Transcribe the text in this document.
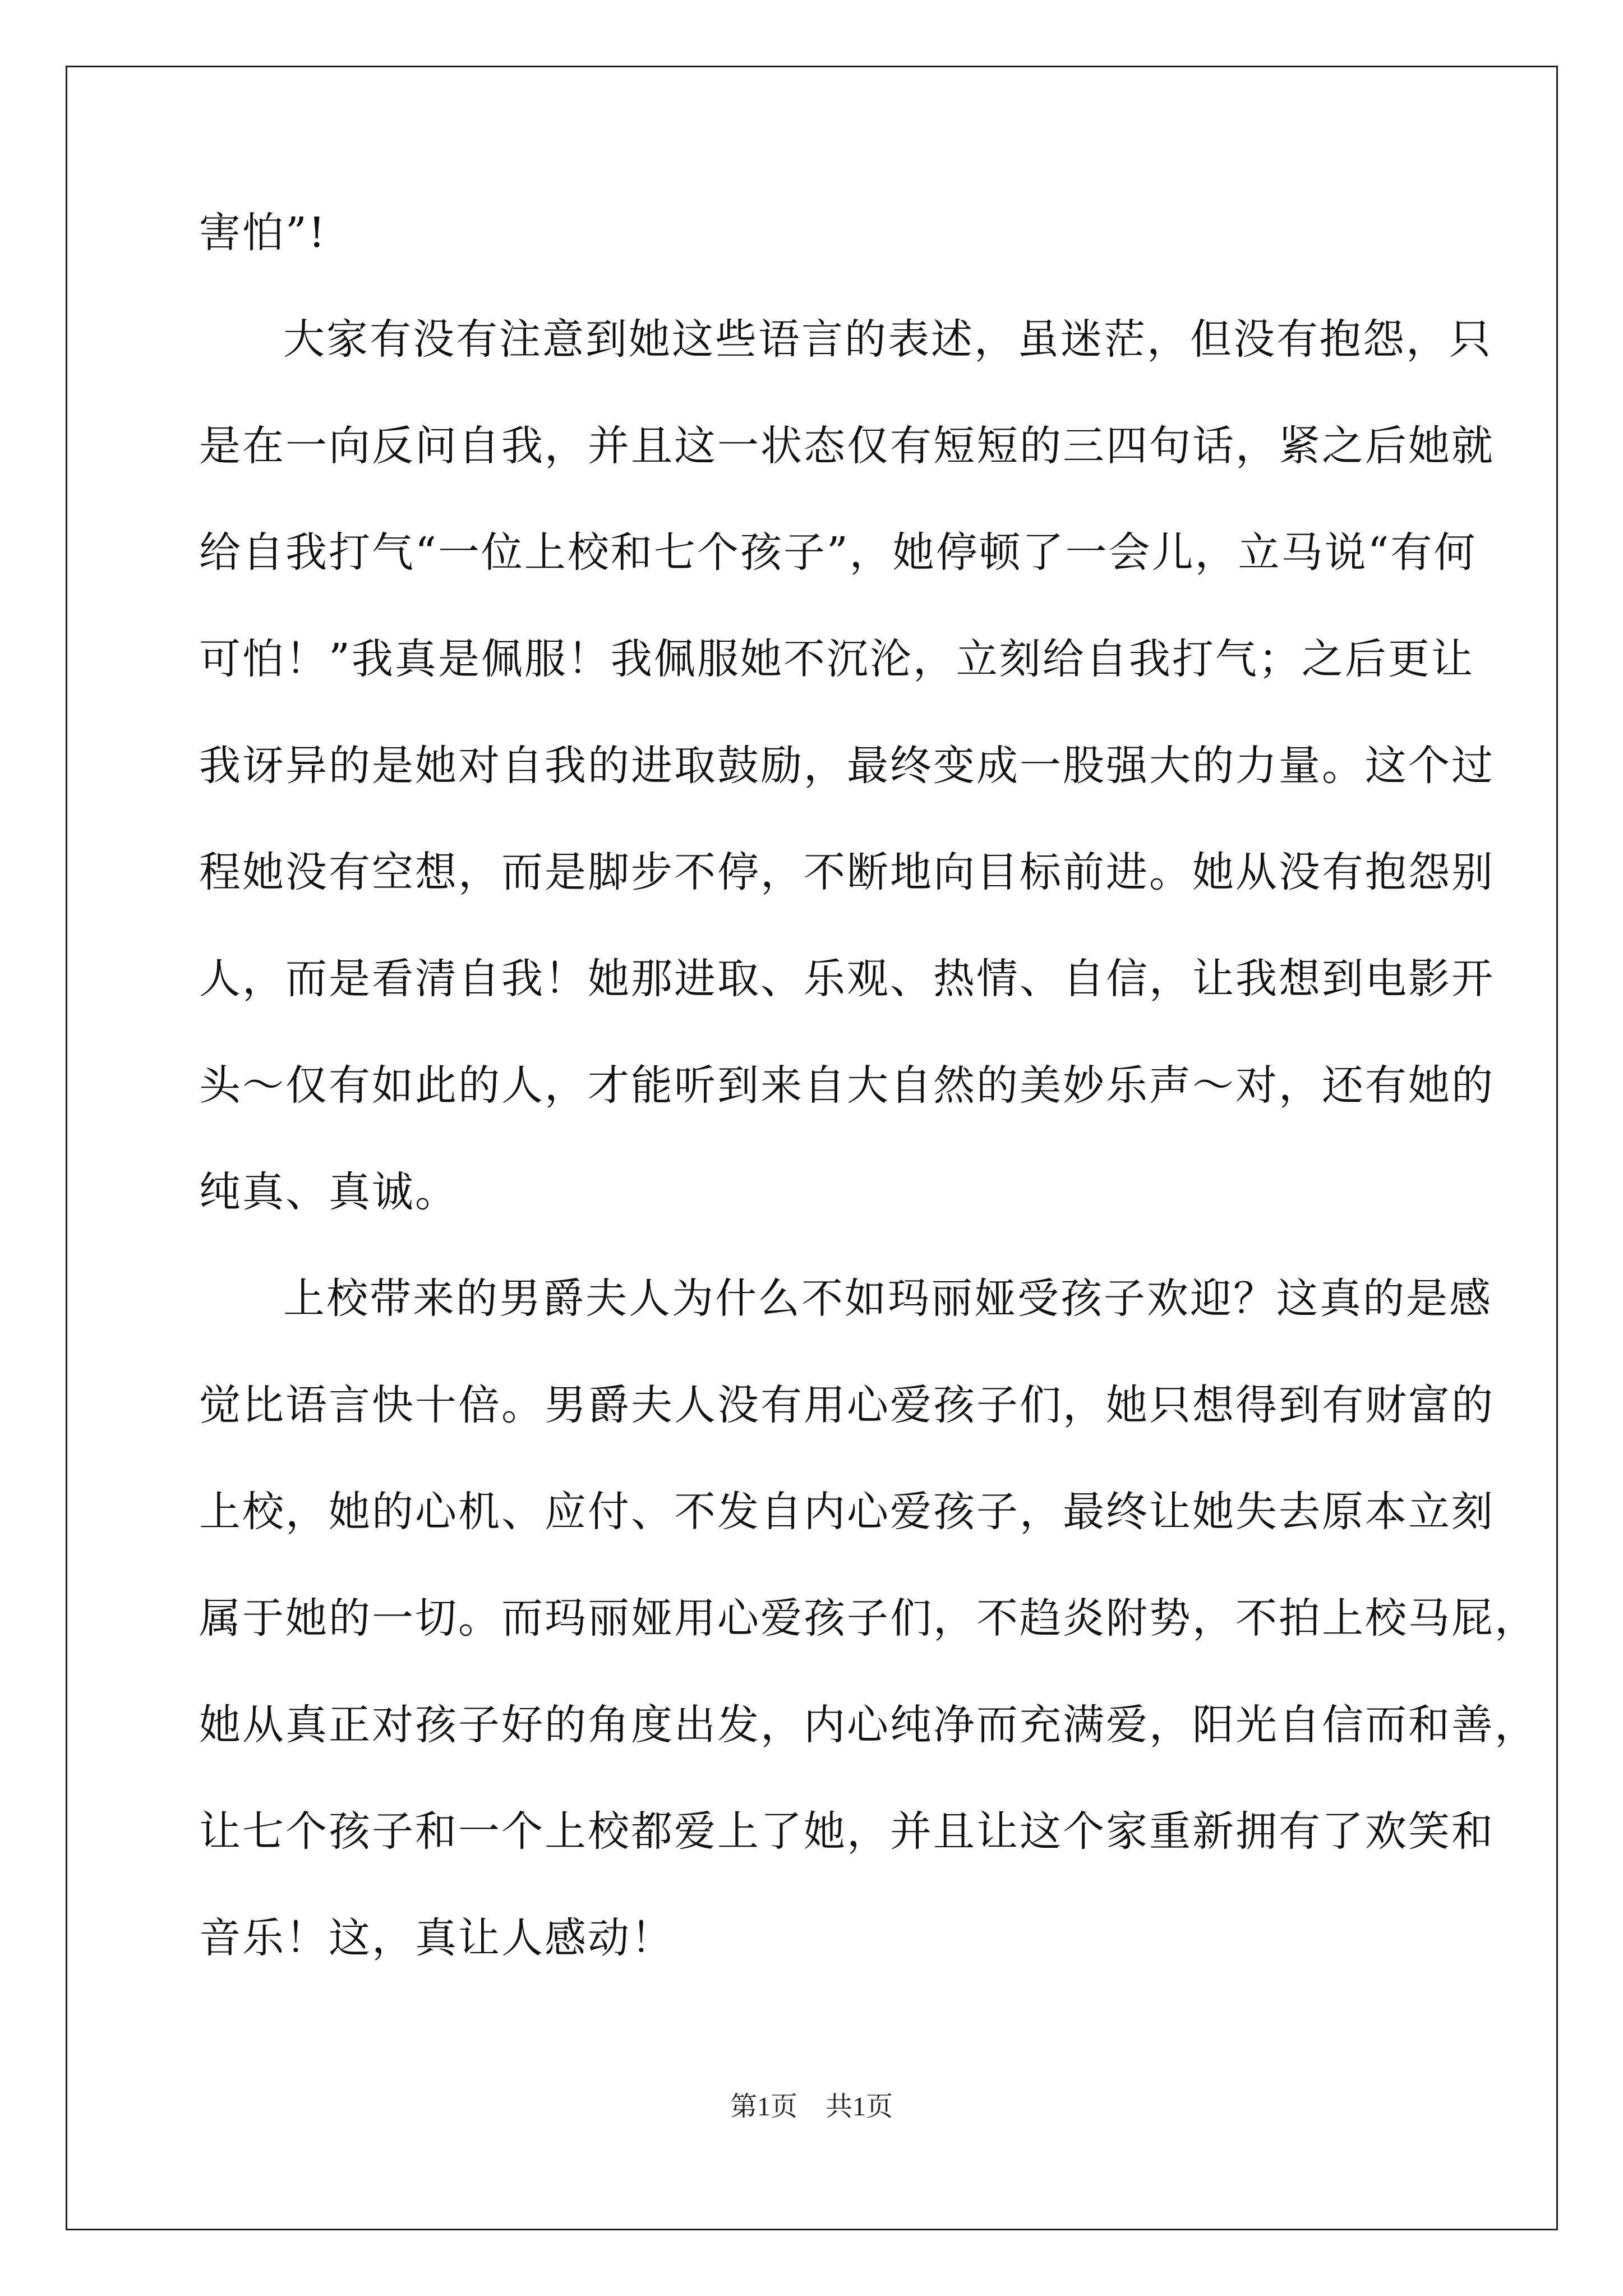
害怕”!
大家有没有注意到她这些语言的表述，虽迷茫，但没有抱怨，只
是在一向反问自我，并且这一状态仅有短短的三四句话，紧之后她就
给自我打气“一位上校和七个孩子”，她停顿了一会儿，立马说“有何
可怕！”我真是佩服！我佩服她不沉沦，立刻给自我打气；之后更让
我讶异的是她对自我的进取鼓励，最终变成一股强大的力量。这个过
程她没有空想，而是脚步不停，不断地向目标前进。她从没有抱怨别
人，而是看清自我！她那进取、乐观、热情、自信，让我想到电影开
头～仅有如此的人，才能听到来自大自然的美妙乐声～对，还有她的
纯真、真诚。
上校带来的男爵夫人为什么不如玛丽娅受孩子欢迎？这真的是感
觉比语言快十倍。男爵夫人没有用心爱孩子们，她只想得到有财富的
上校，她的心机、应付、不发自内心爱孩子，最终让她失去原本立刻
属于她的一切。而玛丽娅用心爱孩子们，不趋炎附势，不拍上校马屁，
她从真正对孩子好的角度出发，内心纯净而充满爱，阳光自信而和善，
让七个孩子和一个上校都爱上了她，并且让这个家重新拥有了欢笑和
音乐！这，真让人感动！
第1页 共1页
